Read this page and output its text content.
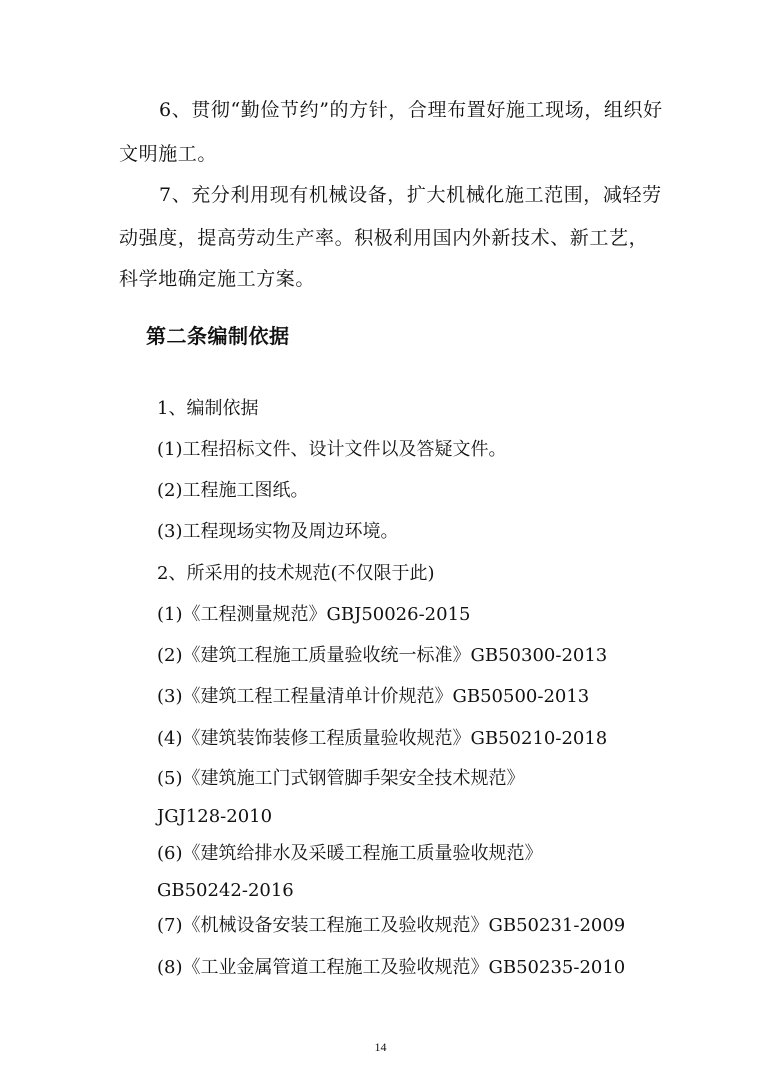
6、贯彻“勤俭节约”的方针，合理布置好施工现场，组织好
文明施工。
7、充分利用现有机械设备，扩大机械化施工范围，减轻劳
动强度，提高劳动生产率。积极利用国内外新技术、新工艺，
科学地确定施工方案。
第二条编制依据
1、编制依据
(1)工程招标文件、设计文件以及答疑文件。
(2)工程施工图纸。
(3)工程现场实物及周边环境。
2、所采用的技术规范(不仅限于此)
(1)《工程测量规范》GBJ50026-2015
(2)《建筑工程施工质量验收统一标准》GB50300-2013
(3)《建筑工程工程量清单计价规范》GB50500-2013
(4)《建筑装饰装修工程质量验收规范》GB50210-2018
(5)《建筑施工门式钢管脚手架安全技术规范》
JGJ128-2010
(6)《建筑给排水及采暖工程施工质量验收规范》
GB50242-2016
(7)《机械设备安装工程施工及验收规范》GB50231-2009
(8)《工业金属管道工程施工及验收规范》GB50235-2010
14
